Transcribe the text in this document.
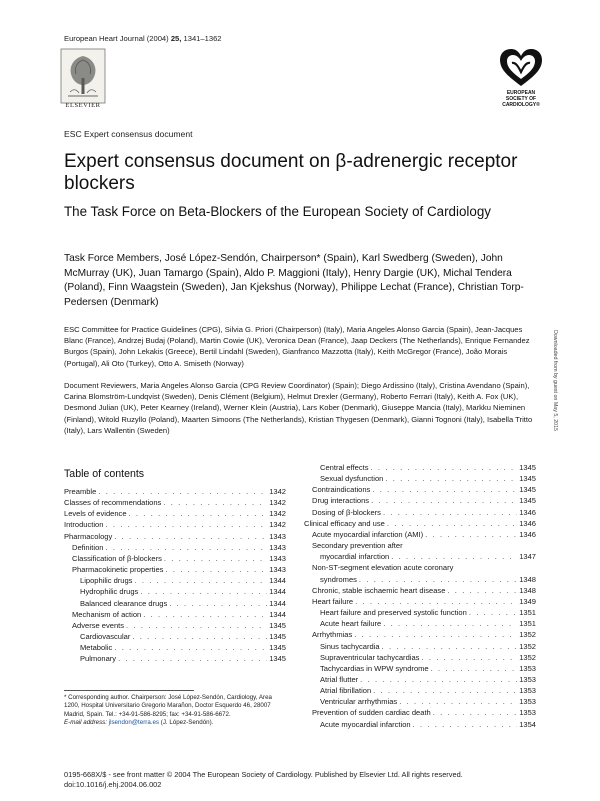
European Heart Journal (2004) 25, 1341–1362
ELSEVIER
EUROPEAN
SOCIETY OF
CARDIOLOGY®
ESC Expert consensus document
Expert consensus document on β-adrenergic receptor blockers
The Task Force on Beta-Blockers of the European Society of Cardiology
Task Force Members, José López-Sendón, Chairperson* (Spain), Karl Swedberg (Sweden), John McMurray (UK), Juan Tamargo (Spain), Aldo P. Maggioni (Italy), Henry Dargie (UK), Michal Tendera (Poland), Finn Waagstein (Sweden), Jan Kjekshus (Norway), Philippe Lechat (France), Christian Torp-Pedersen (Denmark)
ESC Committee for Practice Guidelines (CPG), Silvia G. Priori (Chairperson) (Italy), Maria Angeles Alonso Garcia (Spain), Jean-Jacques Blanc (France), Andrzej Budaj (Poland), Martin Cowie (UK), Veronica Dean (France), Jaap Deckers (The Netherlands), Enrique Fernandez Burgos (Spain), John Lekakis (Greece), Bertil Lindahl (Sweden), Gianfranco Mazzotta (Italy), Keith McGregor (France), João Morais (Portugal), Ali Oto (Turkey), Otto A. Smiseth (Norway)
Document Reviewers, Maria Angeles Alonso Garcia (CPG Review Coordinator) (Spain); Diego Ardissino (Italy), Cristina Avendano (Spain), Carina Blomström-Lundqvist (Sweden), Denis Clément (Belgium), Helmut Drexler (Germany), Roberto Ferrari (Italy), Keith A. Fox (UK), Desmond Julian (UK), Peter Kearney (Ireland), Werner Klein (Austria), Lars Kober (Denmark), Giuseppe Mancia (Italy), Markku Nieminen (Finland), Witold Ruzyllo (Poland), Maarten Simoons (The Netherlands), Kristian Thygesen (Denmark), Gianni Tognoni (Italy), Isabella Tritto (Italy), Lars Wallentin (Sweden)	Downloaded from by guest on May 5, 2015
Table of contents
Preamble . . .	1342
Classes of recommendations . . .	1342
Levels of evidence . . .	1342
Introduction . . .	1342
Pharmacology . . .	1343
Definition . . .	1343
Classification of β-blockers . . .	1343
Pharmacokinetic properties . . .	1343
Lipophilic drugs . . .	1344
Hydrophilic drugs . . .	1344
Balanced clearance drugs . . .	1344
Mechanism of action . . .	1344
Adverse events . . .	1345
Cardiovascular . . .	1345
Metabolic . . .	1345
Pulmonary . . .	1345
Central effects . . .	1345
Sexual dysfunction . . .	1345
Contraindications . . .	1345
Drug interactions . . .	1345
Dosing of β-blockers . . .	1346
Clinical efficacy and use . . .	1346
Acute myocardial infarction (AMI) . . .	1346
Secondary prevention after
myocardial infarction . . .	1347
Non-ST-segment elevation acute coronary
syndromes . . .	1348
Chronic, stable ischaemic heart disease . . .	1348
Heart failure . . .	1349
Heart failure and preserved systolic function . . .	1351
Acute heart failure . . .	1351
Arrhythmias . . .	1352
Sinus tachycardia . . .	1352
Supraventricular tachycardias . . .	1352
Tachycardias in WPW syndrome . . .	1353
Atrial flutter . . .	1353
Atrial fibrillation . . .	1353
Ventricular arrhythmias . . .	1353
Prevention of sudden cardiac death . . .	1353
Acute myocardial infarction . . .	1354
* Corresponding author. Chairperson: José López-Sendón, Cardiology, Area 1200, Hospital Universitario Gregorio Marañon, Doctor Esquerdo 46, 28007 Madrid, Spain. Tel.: +34-91-586-8295; fax: +34-91-586-6672.
E-mail address: jlsendon@terra.es (J. López-Sendón).
0195-668X/$ - see front matter © 2004 The European Society of Cardiology. Published by Elsevier Ltd. All rights reserved.
doi:10.1016/j.ehj.2004.06.002
